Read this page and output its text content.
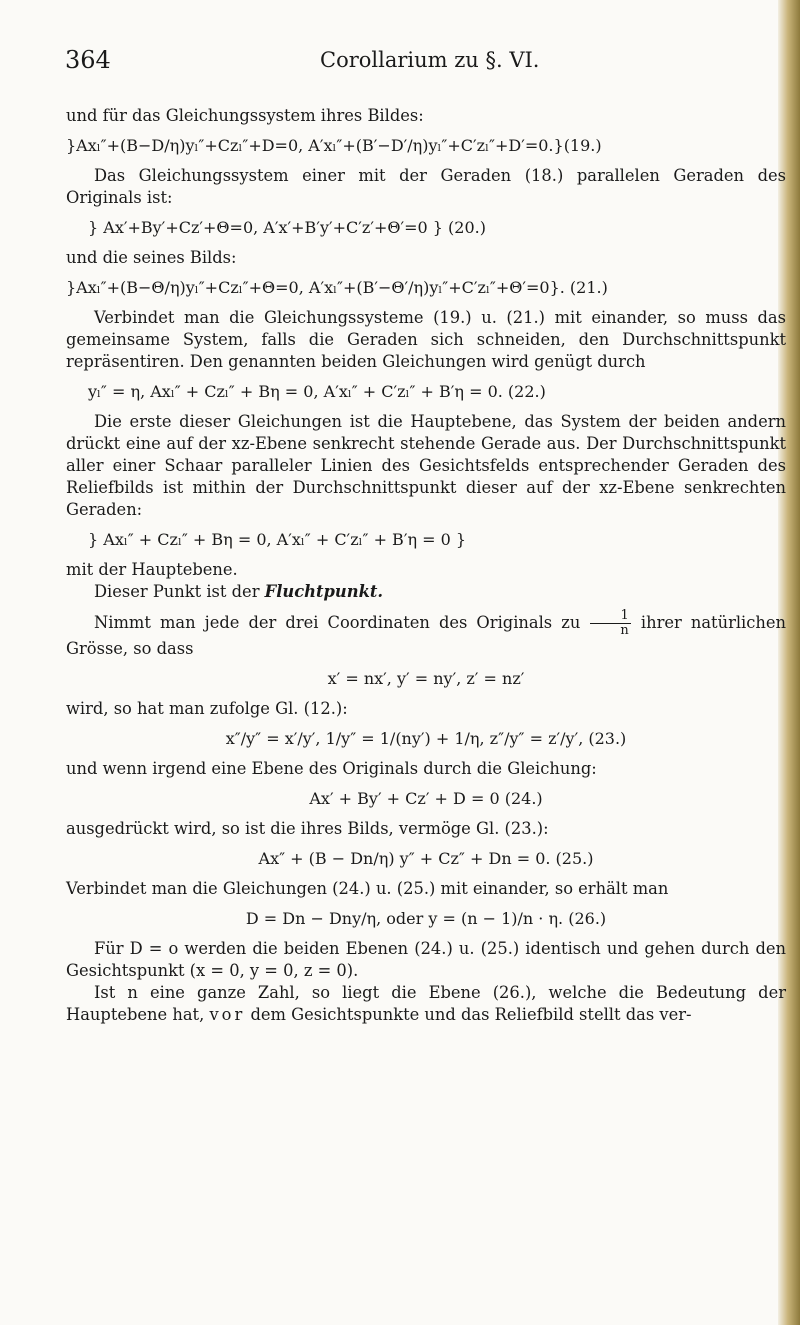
364	Corollarium zu §. VI.

und für das Gleichungssystem ihres Bildes:

}Axₗ″+(B−D/η)yₗ″+Czₗ″+D=0, A′xₗ″+(B′−D′/η)yₗ″+C′zₗ″+D′=0.}(19.)

Das Gleichungssystem einer mit der Geraden (18.) parallelen Geraden des Originals ist:

} Ax′+By′+Cz′+Θ=0, A′x′+B′y′+C′z′+Θ′=0 } (20.)

und die seines Bilds:

}Axₗ″+(B−Θ/η)yₗ″+Czₗ″+Θ=0, A′xₗ″+(B′−Θ′/η)yₗ″+C′zₗ″+Θ′=0}. (21.)

Verbindet man die Gleichungssysteme (19.) u. (21.) mit einander, so muss das gemeinsame System, falls die Geraden sich schneiden, den Durchschnittspunkt repräsentiren. Den genannten beiden Gleichungen wird genügt durch

yₗ″ = η, Axₗ″ + Czₗ″ + Bη = 0, A′xₗ″ + C′zₗ″ + B′η = 0. (22.)

Die erste dieser Gleichungen ist die Hauptebene, das System der beiden andern drückt eine auf der xz-Ebene senkrecht stehende Gerade aus. Der Durchschnittspunkt aller einer Schaar paralleler Linien des Gesichtsfelds entsprechender Geraden des Reliefbilds ist mithin der Durchschnittspunkt dieser auf der xz-Ebene senkrechten Geraden:

} Axₗ″ + Czₗ″ + Bη = 0, A′xₗ″ + C′zₗ″ + B′η = 0 }

mit der Hauptebene.

Dieser Punkt ist der Fluchtpunkt.

Nimmt man jede der drei Coordinaten des Originals zu $\frac{1}{n}$ ihrer natürlichen Grösse, so dass

x′ = nx′, y′ = ny′, z′ = nz′

wird, so hat man zufolge Gl. (12.):

x″/y″ = x′/y′, 1/y″ = 1/(ny′) + 1/η, z″/y″ = z′/y′, (23.)

und wenn irgend eine Ebene des Originals durch die Gleichung:

Ax′ + By′ + Cz′ + D = 0 (24.)

ausgedrückt wird, so ist die ihres Bilds, vermöge Gl. (23.):

Ax″ + (B − Dn/η) y″ + Cz″ + Dn = 0. (25.)

Verbindet man die Gleichungen (24.) u. (25.) mit einander, so erhält man

D = Dn − Dny/η, oder y = (n − 1)/n · η. (26.)

Für D = o werden die beiden Ebenen (24.) u. (25.) identisch und gehen durch den Gesichtspunkt (x = 0, y = 0, z = 0).

Ist n eine ganze Zahl, so liegt die Ebene (26.), welche die Bedeutung der Hauptebene hat, vor dem Gesichtspunkte und das Reliefbild stellt das ver-
